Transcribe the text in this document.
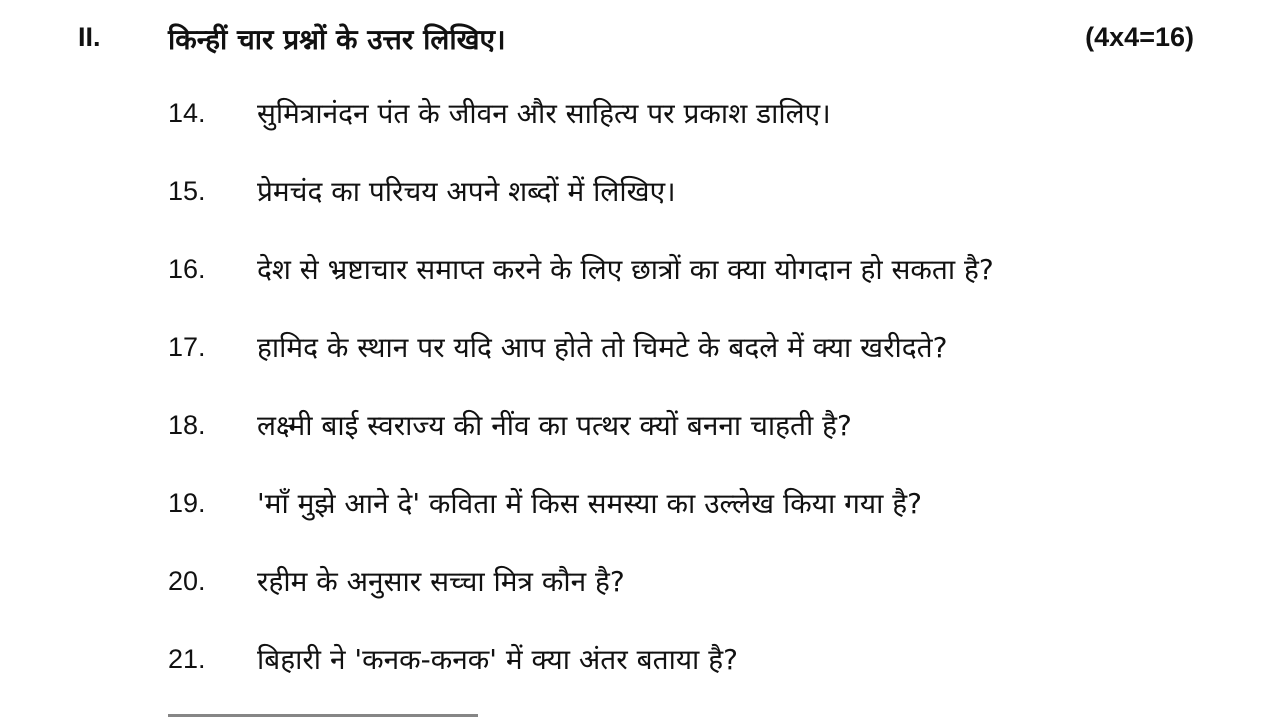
II. किन्हीं चार प्रश्नों के उत्तर लिखिए।	(4x4=16)
14. सुमित्रानंदन पंत के जीवन और साहित्य पर प्रकाश डालिए।
15. प्रेमचंद का परिचय अपने शब्दों में लिखिए।
16. देश से भ्रष्टाचार समाप्त करने के लिए छात्रों का क्या योगदान हो सकता है?
17. हामिद के स्थान पर यदि आप होते तो चिमटे के बदले में क्या खरीदते?
18. लक्ष्मी बाई स्वराज्य की नींव का पत्थर क्यों बनना चाहती है?
19. 'माँ मुझे आने दे' कविता में किस समस्या का उल्लेख किया गया है?
20. रहीम के अनुसार सच्चा मित्र कौन है?
21. बिहारी ने 'कनक-कनक' में क्या अंतर बताया है?
